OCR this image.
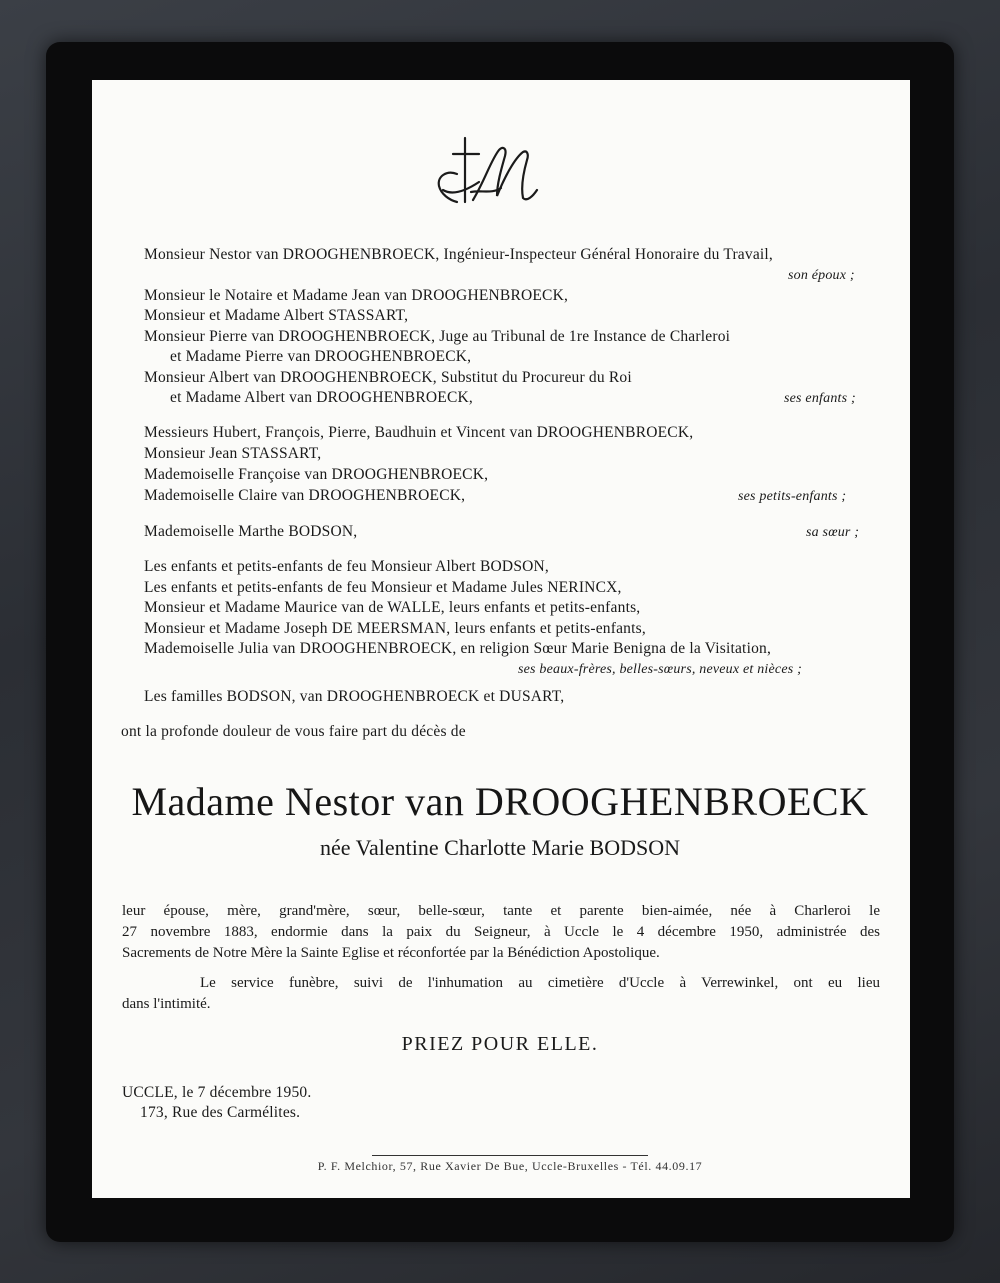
Monsieur Nestor van DROOGHENBROECK, Ingénieur-Inspecteur Général Honoraire du Travail,
son époux ;
Monsieur le Notaire et Madame Jean van DROOGHENBROECK,
Monsieur et Madame Albert STASSART,
Monsieur Pierre van DROOGHENBROECK, Juge au Tribunal de 1re Instance de Charleroi
et Madame Pierre van DROOGHENBROECK,
Monsieur Albert van DROOGHENBROECK, Substitut du Procureur du Roi
et Madame Albert van DROOGHENBROECK,	ses enfants ;
Messieurs Hubert, François, Pierre, Baudhuin et Vincent van DROOGHENBROECK,
Monsieur Jean STASSART,
Mademoiselle Françoise van DROOGHENBROECK,
Mademoiselle Claire van DROOGHENBROECK,	ses petits-enfants ;
Mademoiselle Marthe BODSON,	sa sœur ;
Les enfants et petits-enfants de feu Monsieur Albert BODSON,
Les enfants et petits-enfants de feu Monsieur et Madame Jules NERINCX,
Monsieur et Madame Maurice van de WALLE, leurs enfants et petits-enfants,
Monsieur et Madame Joseph DE MEERSMAN, leurs enfants et petits-enfants,
Mademoiselle Julia van DROOGHENBROECK, en religion Sœur Marie Benigna de la Visitation,
ses beaux-frères, belles-sœurs, neveux et nièces ;
Les familles BODSON, van DROOGHENBROECK et DUSART,
ont la profonde douleur de vous faire part du décès de
Madame Nestor van DROOGHENBROECK
née Valentine Charlotte Marie BODSON
leur épouse, mère, grand'mère, sœur, belle-sœur, tante et parente bien-aimée, née à Charleroi le
27 novembre 1883, endormie dans la paix du Seigneur, à Uccle le 4 décembre 1950, administrée des
Sacrements de Notre Mère la Sainte Eglise et réconfortée par la Bénédiction Apostolique.
Le service funèbre, suivi de l'inhumation au cimetière d'Uccle à Verrewinkel, ont eu lieu
dans l'intimité.
PRIEZ POUR ELLE.
UCCLE, le 7 décembre 1950.
173, Rue des Carmélites.
P. F. Melchior, 57, Rue Xavier De Bue, Uccle-Bruxelles - Tél. 44.09.17
